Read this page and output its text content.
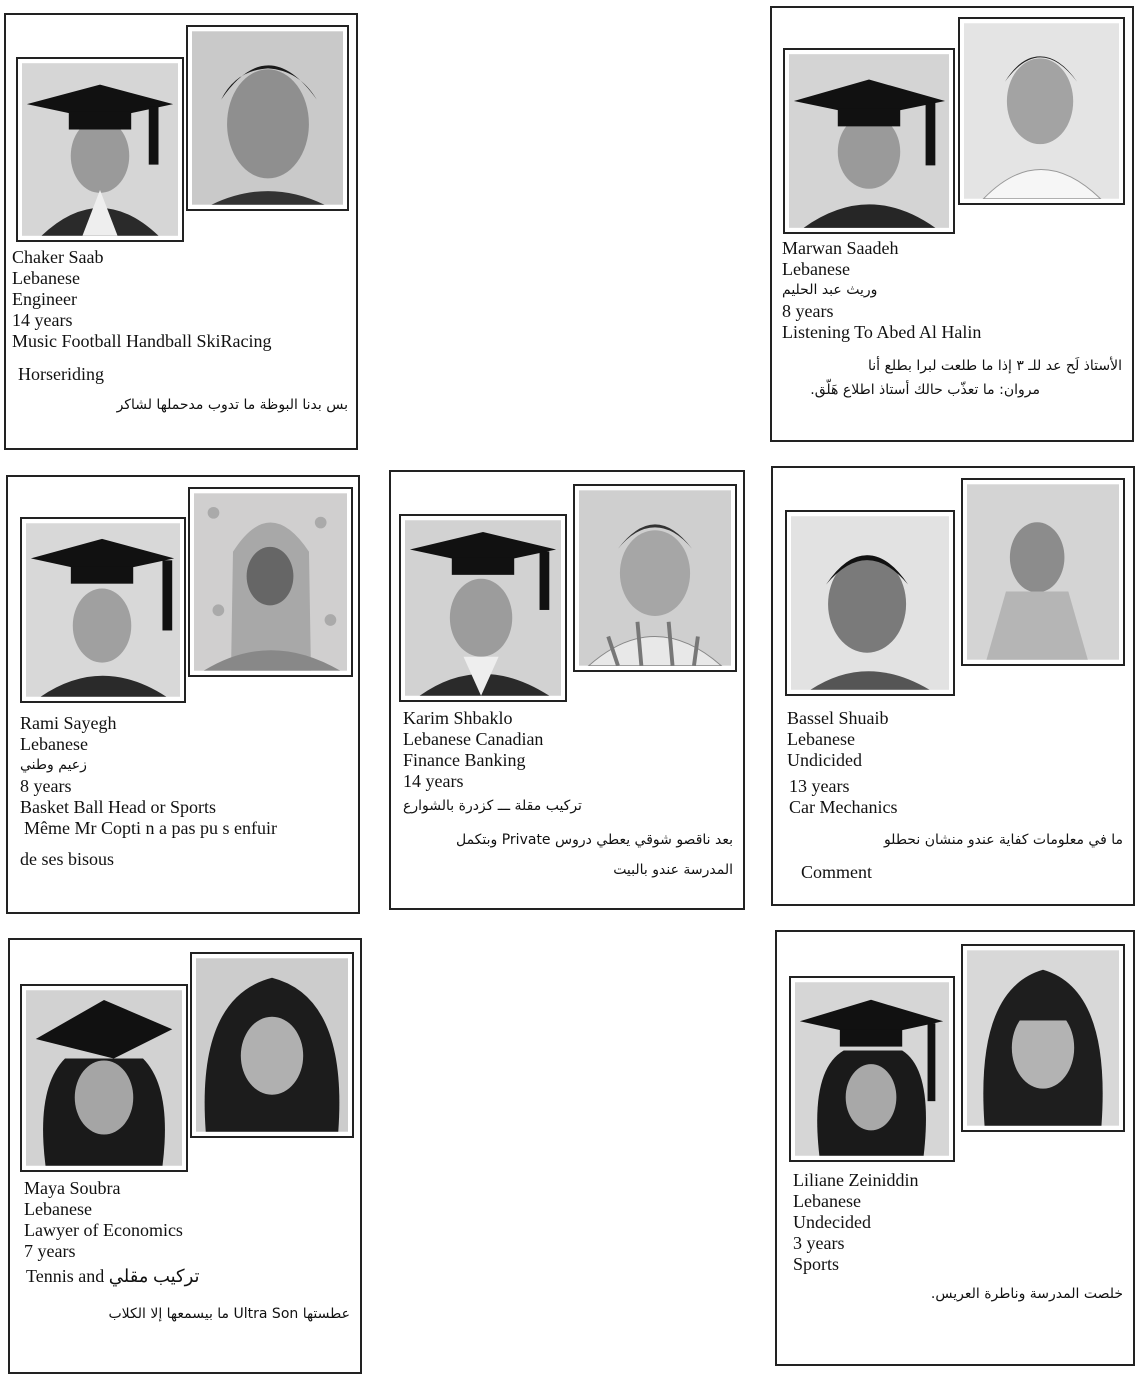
Chaker Saab
Lebanese
Engineer
14 years
Music Football Handball SkiRacing
Horseriding
بس بدنا البوظة ما تدوب مدحملها لشاكر
Marwan Saadeh
Lebanese
وريث عبد الحليم
8 years
Listening To Abed Al Halin
الأستاذ لَح عد للـ ٣ إذا ما طلعت لبرا بطلع أنا
مروان: ما تعذّب حالك أستاذ اطلاع هَلّق.
Rami Sayegh
Lebanese
زعيم وطني
8 years
Basket Ball Head or Sports
Même Mr Copti n a pas pu s enfuir
de ses bisous
Karim Shbaklo
Lebanese Canadian
Finance Banking
14 years
تركيب مقلة ـــ كزدرة بالشوارع
بعد ناقصو شوقي يعطي دروس Private وبتكمل
المدرسة عندو بالبيت
Bassel Shuaib
Lebanese
Undicided
13 years
Car Mechanics
ما في معلومات كفاية عندو منشان نحطلو
Comment
Maya Soubra
Lebanese
Lawyer of Economics
7 years
Tennis and تركيب مقلي
عطستها Ultra Son ما بيسمعها إلا الكلاب
Liliane Zeiniddin
Lebanese
Undecided
3 years
Sports
خلصت المدرسة وناطرة العريس.
